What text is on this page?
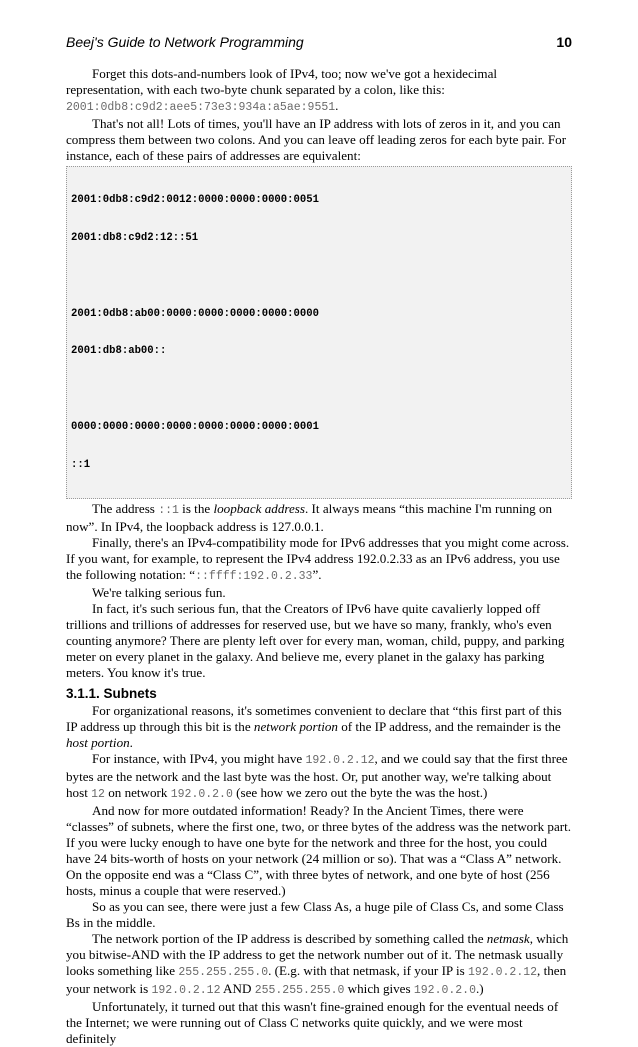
Beej's Guide to Network Programming	10

Forget this dots-and-numbers look of IPv4, too; now we've got a hexidecimal representation, with each two-byte chunk separated by a colon, like this: 2001:0db8:c9d2:aee5:73e3:934a:a5ae:9551.

That's not all! Lots of times, you'll have an IP address with lots of zeros in it, and you can compress them between two colons. And you can leave off leading zeros for each byte pair. For instance, each of these pairs of addresses are equivalent:

2001:0db8:c9d2:0012:0000:0000:0000:0051

2001:db8:c9d2:12::51

2001:0db8:ab00:0000:0000:0000:0000:0000

2001:db8:ab00::

0000:0000:0000:0000:0000:0000:0000:0001

::1

The address ::1 is the loopback address. It always means “this machine I'm running on now”. In IPv4, the loopback address is 127.0.0.1.

Finally, there's an IPv4-compatibility mode for IPv6 addresses that you might come across. If you want, for example, to represent the IPv4 address 192.0.2.33 as an IPv6 address, you use the following notation: “::ffff:192.0.2.33”.

We're talking serious fun.

In fact, it's such serious fun, that the Creators of IPv6 have quite cavalierly lopped off trillions and trillions of addresses for reserved use, but we have so many, frankly, who's even counting anymore? There are plenty left over for every man, woman, child, puppy, and parking meter on every planet in the galaxy. And believe me, every planet in the galaxy has parking meters. You know it's true.

3.1.1. Subnets

For organizational reasons, it's sometimes convenient to declare that “this first part of this IP address up through this bit is the network portion of the IP address, and the remainder is the host portion.

For instance, with IPv4, you might have 192.0.2.12, and we could say that the first three bytes are the network and the last byte was the host. Or, put another way, we're talking about host 12 on network 192.0.2.0 (see how we zero out the byte the was the host.)

And now for more outdated information! Ready? In the Ancient Times, there were “classes” of subnets, where the first one, two, or three bytes of the address was the network part. If you were lucky enough to have one byte for the network and three for the host, you could have 24 bits-worth of hosts on your network (24 million or so). That was a “Class A” network. On the opposite end was a “Class C”, with three bytes of network, and one byte of host (256 hosts, minus a couple that were reserved.)

So as you can see, there were just a few Class As, a huge pile of Class Cs, and some Class Bs in the middle.

The network portion of the IP address is described by something called the netmask, which you bitwise-AND with the IP address to get the network number out of it. The netmask usually looks something like 255.255.255.0. (E.g. with that netmask, if your IP is 192.0.2.12, then your network is 192.0.2.12 AND 255.255.255.0 which gives 192.0.2.0.)

Unfortunately, it turned out that this wasn't fine-grained enough for the eventual needs of the Internet; we were running out of Class C networks quite quickly, and we were most definitely
